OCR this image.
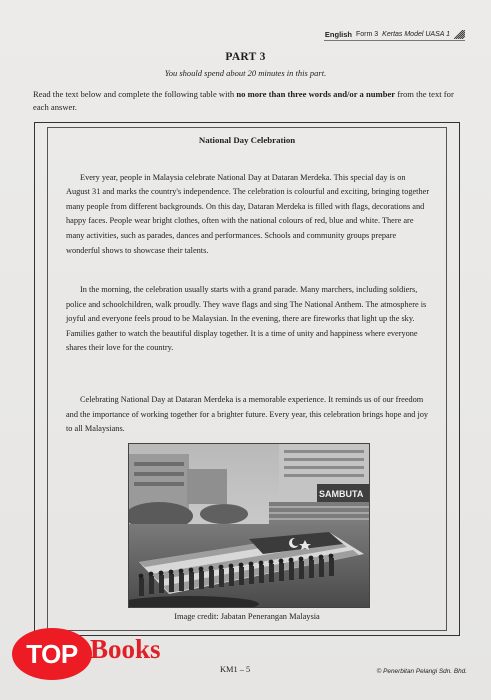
English Form 3 Kertas Model UASA 1
PART 3
You should spend about 20 minutes in this part.
Read the text below and complete the following table with no more than three words and/or a number from the text for each answer.
National Day Celebration
Every year, people in Malaysia celebrate National Day at Dataran Merdeka. This special day is on August 31 and marks the country's independence. The celebration is colourful and exciting, bringing together many people from different backgrounds. On this day, Dataran Merdeka is filled with flags, decorations and happy faces. People wear bright clothes, often with the national colours of red, blue and white. There are many activities, such as parades, dances and performances. Schools and community groups prepare wonderful shows to showcase their talents.
In the morning, the celebration usually starts with a grand parade. Many marchers, including soldiers, police and schoolchildren, walk proudly. They wave flags and sing The National Anthem. The atmosphere is joyful and everyone feels proud to be Malaysian. In the evening, there are fireworks that light up the sky. Families gather to watch the beautiful display together. It is a time of unity and happiness where everyone shares their love for the country.
Celebrating National Day at Dataran Merdeka is a memorable experience. It reminds us of our freedom and the importance of working together for a brighter future. Every year, this celebration brings hope and joy to all Malaysians.
SAMBUTA
Image credit: Jabatan Penerangan Malaysia
TOP Books
KM1 – 5	© Penerbitan Pelangi Sdn. Bhd.
